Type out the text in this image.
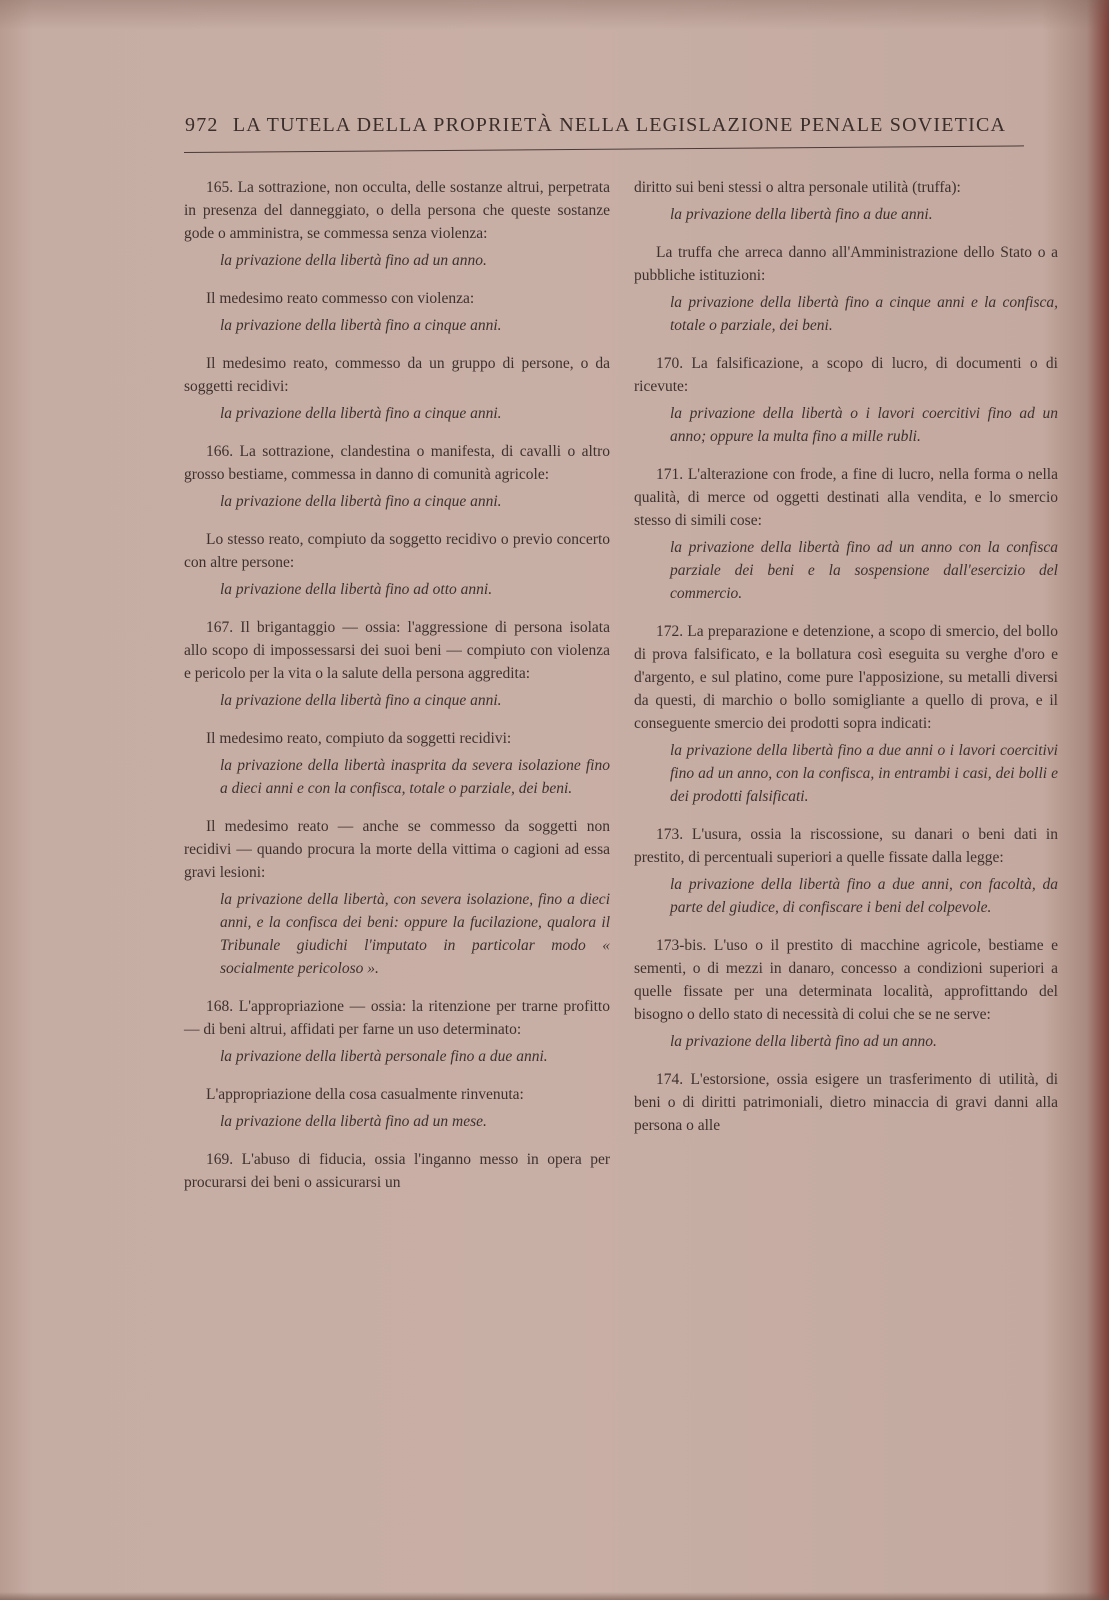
972 LA TUTELA DELLA PROPRIETÀ NELLA LEGISLAZIONE PENALE SOVIETICA
165. La sottrazione, non occulta, delle sostanze altrui, perpetrata in presenza del danneggiato, o della persona che queste sostanze gode o amministra, se commessa senza violenza:
la privazione della libertà fino ad un anno.
Il medesimo reato commesso con violenza:
la privazione della libertà fino a cinque anni.
Il medesimo reato, commesso da un gruppo di persone, o da soggetti recidivi:
la privazione della libertà fino a cinque anni.
166. La sottrazione, clandestina o manifesta, di cavalli o altro grosso bestiame, commessa in danno di comunità agricole:
la privazione della libertà fino a cinque anni.
Lo stesso reato, compiuto da soggetto recidivo o previo concerto con altre persone:
la privazione della libertà fino ad otto anni.
167. Il brigantaggio — ossia: l'aggressione di persona isolata allo scopo di impossessarsi dei suoi beni — compiuto con violenza e pericolo per la vita o la salute della persona aggredita:
la privazione della libertà fino a cinque anni.
Il medesimo reato, compiuto da soggetti recidivi:
la privazione della libertà inasprita da severa isolazione fino a dieci anni e con la confisca, totale o parziale, dei beni.
Il medesimo reato — anche se commesso da soggetti non recidivi — quando procura la morte della vittima o cagioni ad essa gravi lesioni:
la privazione della libertà, con severa isolazione, fino a dieci anni, e la confisca dei beni: oppure la fucilazione, qualora il Tribunale giudichi l'imputato in particolar modo « socialmente pericoloso ».
168. L'appropriazione — ossia: la ritenzione per trarne profitto — di beni altrui, affidati per farne un uso determinato:
la privazione della libertà personale fino a due anni.
L'appropriazione della cosa casualmente rinvenuta:
la privazione della libertà fino ad un mese.
169. L'abuso di fiducia, ossia l'inganno messo in opera per procurarsi dei beni o assicurarsi un
diritto sui beni stessi o altra personale utilità (truffa):
la privazione della libertà fino a due anni.
La truffa che arreca danno all'Amministrazione dello Stato o a pubbliche istituzioni:
la privazione della libertà fino a cinque anni e la confisca, totale o parziale, dei beni.
170. La falsificazione, a scopo di lucro, di documenti o di ricevute:
la privazione della libertà o i lavori coercitivi fino ad un anno; oppure la multa fino a mille rubli.
171. L'alterazione con frode, a fine di lucro, nella forma o nella qualità, di merce od oggetti destinati alla vendita, e lo smercio stesso di simili cose:
la privazione della libertà fino ad un anno con la confisca parziale dei beni e la sospensione dall'esercizio del commercio.
172. La preparazione e detenzione, a scopo di smercio, del bollo di prova falsificato, e la bollatura così eseguita su verghe d'oro e d'argento, e sul platino, come pure l'apposizione, su metalli diversi da questi, di marchio o bollo somigliante a quello di prova, e il conseguente smercio dei prodotti sopra indicati:
la privazione della libertà fino a due anni o i lavori coercitivi fino ad un anno, con la confisca, in entrambi i casi, dei bolli e dei prodotti falsificati.
173. L'usura, ossia la riscossione, su danari o beni dati in prestito, di percentuali superiori a quelle fissate dalla legge:
la privazione della libertà fino a due anni, con facoltà, da parte del giudice, di confiscare i beni del colpevole.
173-bis. L'uso o il prestito di macchine agricole, bestiame e sementi, o di mezzi in danaro, concesso a condizioni superiori a quelle fissate per una determinata località, approfittando del bisogno o dello stato di necessità di colui che se ne serve:
la privazione della libertà fino ad un anno.
174. L'estorsione, ossia esigere un trasferimento di utilità, di beni o di diritti patrimoniali, dietro minaccia di gravi danni alla persona o alle
